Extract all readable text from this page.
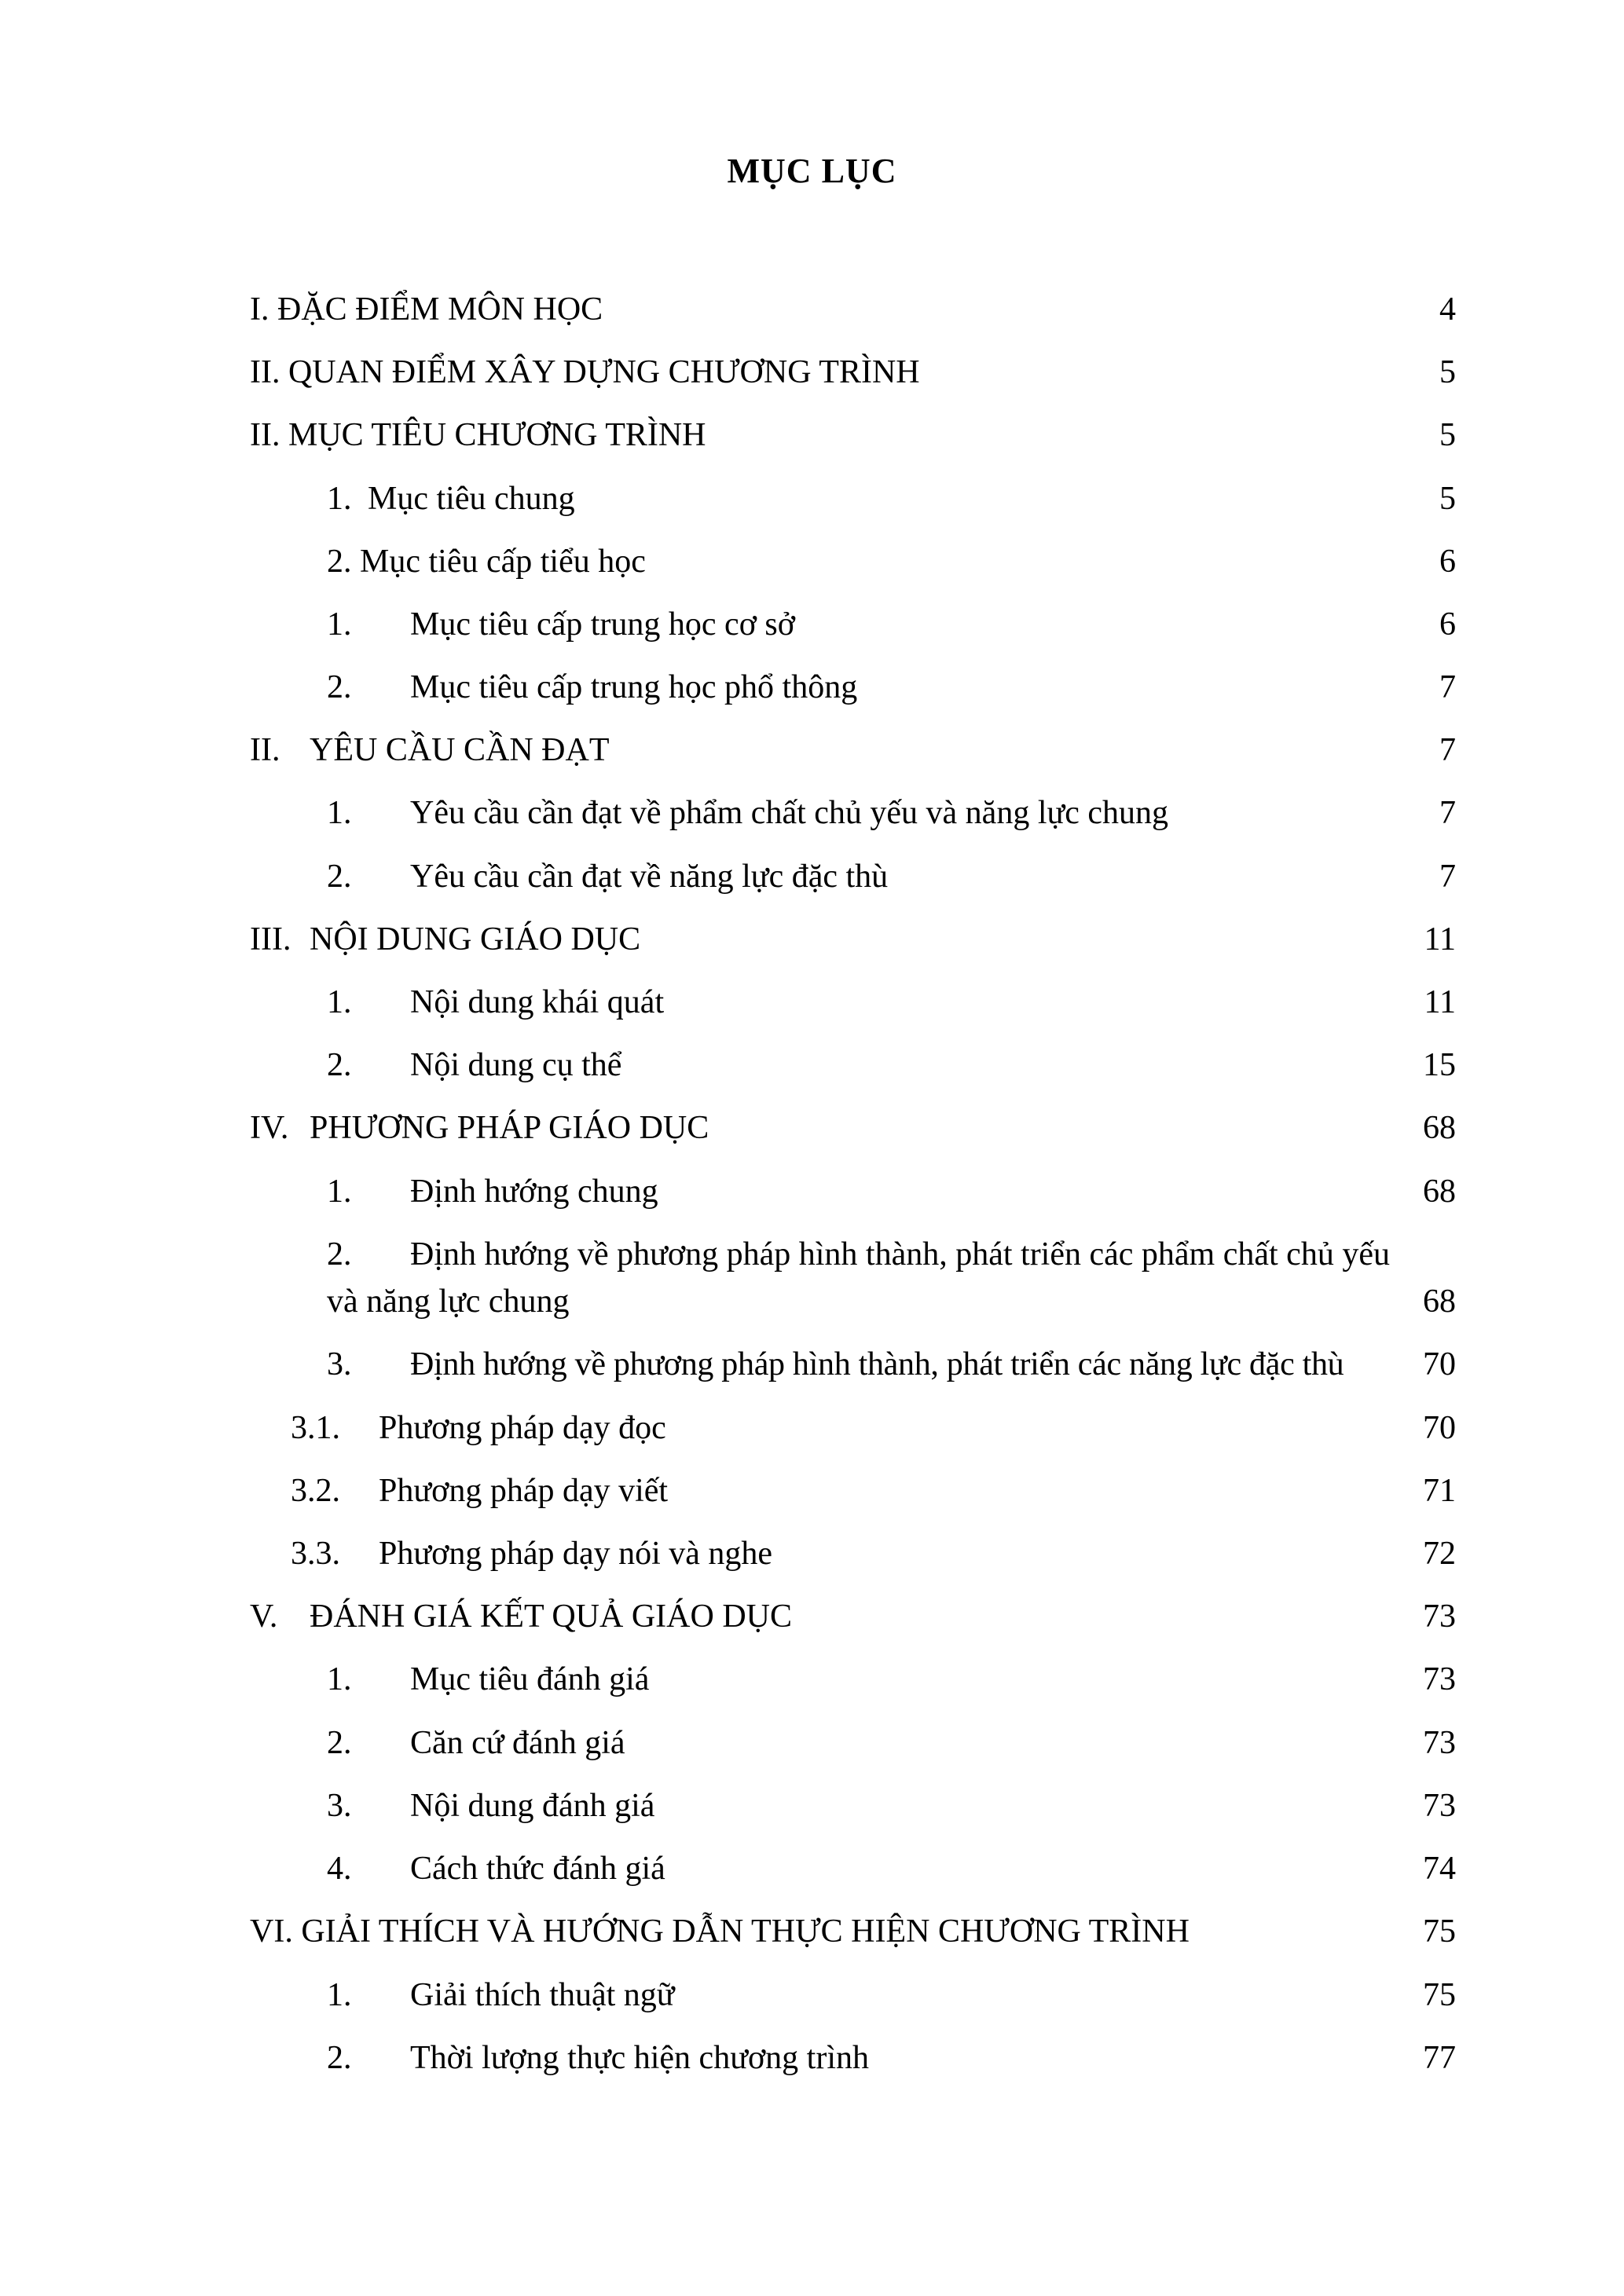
MỤC LỤC
I. ĐẶC ĐIỂM MÔN HỌC	4
II. QUAN ĐIỂM XÂY DỰNG CHƯƠNG TRÌNH	5
II. MỤC TIÊU CHƯƠNG TRÌNH	5
1. Mục tiêu chung	5
2. Mục tiêu cấp tiểu học	6
1. Mục tiêu cấp trung học cơ sở	6
2. Mục tiêu cấp trung học phổ thông	7
II. YÊU CẦU CẦN ĐẠT	7
1. Yêu cầu cần đạt về phẩm chất chủ yếu và năng lực chung	7
2. Yêu cầu cần đạt về năng lực đặc thù	7
III. NỘI DUNG GIÁO DỤC	11
1. Nội dung khái quát	11
2. Nội dung cụ thể	15
IV. PHƯƠNG PHÁP GIÁO DỤC	68
1. Định hướng chung	68
2. Định hướng về phương pháp hình thành, phát triển các phẩm chất chủ yếu
và năng lực chung	68
3. Định hướng về phương pháp hình thành, phát triển các năng lực đặc thù	70
3.1. Phương pháp dạy đọc	70
3.2. Phương pháp dạy viết	71
3.3. Phương pháp dạy nói và nghe	72
V. ĐÁNH GIÁ KẾT QUẢ GIÁO DỤC	73
1. Mục tiêu đánh giá	73
2. Căn cứ đánh giá	73
3. Nội dung đánh giá	73
4. Cách thức đánh giá	74
VI. GIẢI THÍCH VÀ HƯỚNG DẪN THỰC HIỆN CHƯƠNG TRÌNH	75
1. Giải thích thuật ngữ	75
2. Thời lượng thực hiện chương trình	77
